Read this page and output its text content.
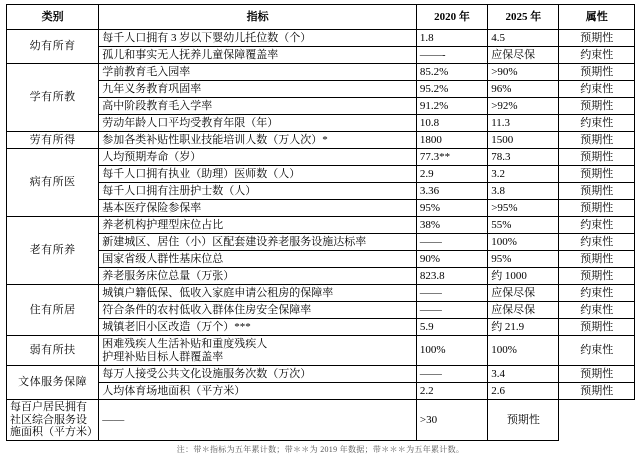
类别	指标	2020 年	2025 年	属性
幼有所育	每千人口拥有 3 岁以下婴幼儿托位数（个）	1.8	4.5	预期性
	孤儿和事实无人抚养儿童保障覆盖率	——-	应保尽保	约束性
学有所教	学前教育毛入园率	85.2%	>90%	预期性
	九年义务教育巩固率	95.2%	96%	约束性
	高中阶段教育毛入学率	91.2%	>92%	预期性
	劳动年龄人口平均受教育年限（年）	10.8	11.3	约束性
劳有所得	参加各类补贴性职业技能培训人数（万人次）*	1800	1500	预期性
病有所医	人均预期寿命（岁）	77.3**	78.3	预期性
	每千人口拥有执业（助理）医师数（人）	2.9	3.2	预期性
	每千人口拥有注册护士数（人）	3.36	3.8	预期性
	基本医疗保险参保率	95%	>95%	预期性
老有所养	养老机构护理型床位占比	38%	55%	约束性
	新建城区、居住（小）区配套建设养老服务设施达标率	——	100%	约束性
	国家省级人群性基床位总	90%	95%	预期性
	养老服务床位总量（万张）	823.8	约 1000	预期性
住有所居	城镇户籍低保、低收入家庭申请公租房的保障率	——	应保尽保	约束性
	符合条件的农村低收入群体住房安全保障率	——	应保尽保	约束性
	城镇老旧小区改造（万个）***	5.9	约 21.9	预期性
弱有所扶	困难残疾人生活补贴和重度残疾人
护理补贴目标人群覆盖率	100%	100%	约束性
文体服务保障	每万人接受公共文化设施服务次数（万次）	——	3.4	预期性
	人均体育场地面积（平方米）	2.2	2.6	预期性
每百户居民拥有社区综合服务设施面积（平方米）	——	>30	预期性	
注：带＊指标为五年累计数；带＊＊为 2019 年数据；带＊＊＊为五年累计数。
